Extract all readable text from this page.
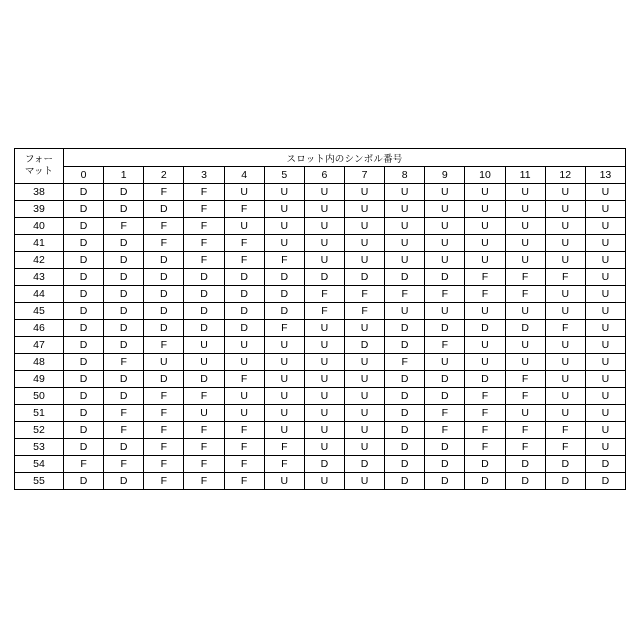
フォー
マット	スロット内のシンボル番号													
	0	1	2	3	4	5	6	7	8	9	10	11	12	13
38	D	D	F	F	U	U	U	U	U	U	U	U	U	U
39	D	D	D	F	F	U	U	U	U	U	U	U	U	U
40	D	F	F	F	U	U	U	U	U	U	U	U	U	U
41	D	D	F	F	F	U	U	U	U	U	U	U	U	U
42	D	D	D	F	F	F	U	U	U	U	U	U	U	U
43	D	D	D	D	D	D	D	D	D	D	F	F	F	U
44	D	D	D	D	D	D	F	F	F	F	F	F	U	U
45	D	D	D	D	D	D	F	F	U	U	U	U	U	U
46	D	D	D	D	D	F	U	U	D	D	D	D	F	U
47	D	D	F	U	U	U	U	D	D	F	U	U	U	U
48	D	F	U	U	U	U	U	U	F	U	U	U	U	U
49	D	D	D	D	F	U	U	U	D	D	D	F	U	U
50	D	D	F	F	U	U	U	U	D	D	F	F	U	U
51	D	F	F	U	U	U	U	U	D	F	F	U	U	U
52	D	F	F	F	F	U	U	U	D	F	F	F	F	U
53	D	D	F	F	F	F	U	U	D	D	F	F	F	U
54	F	F	F	F	F	F	D	D	D	D	D	D	D	D
55	D	D	F	F	F	U	U	U	D	D	D	D	D	D
